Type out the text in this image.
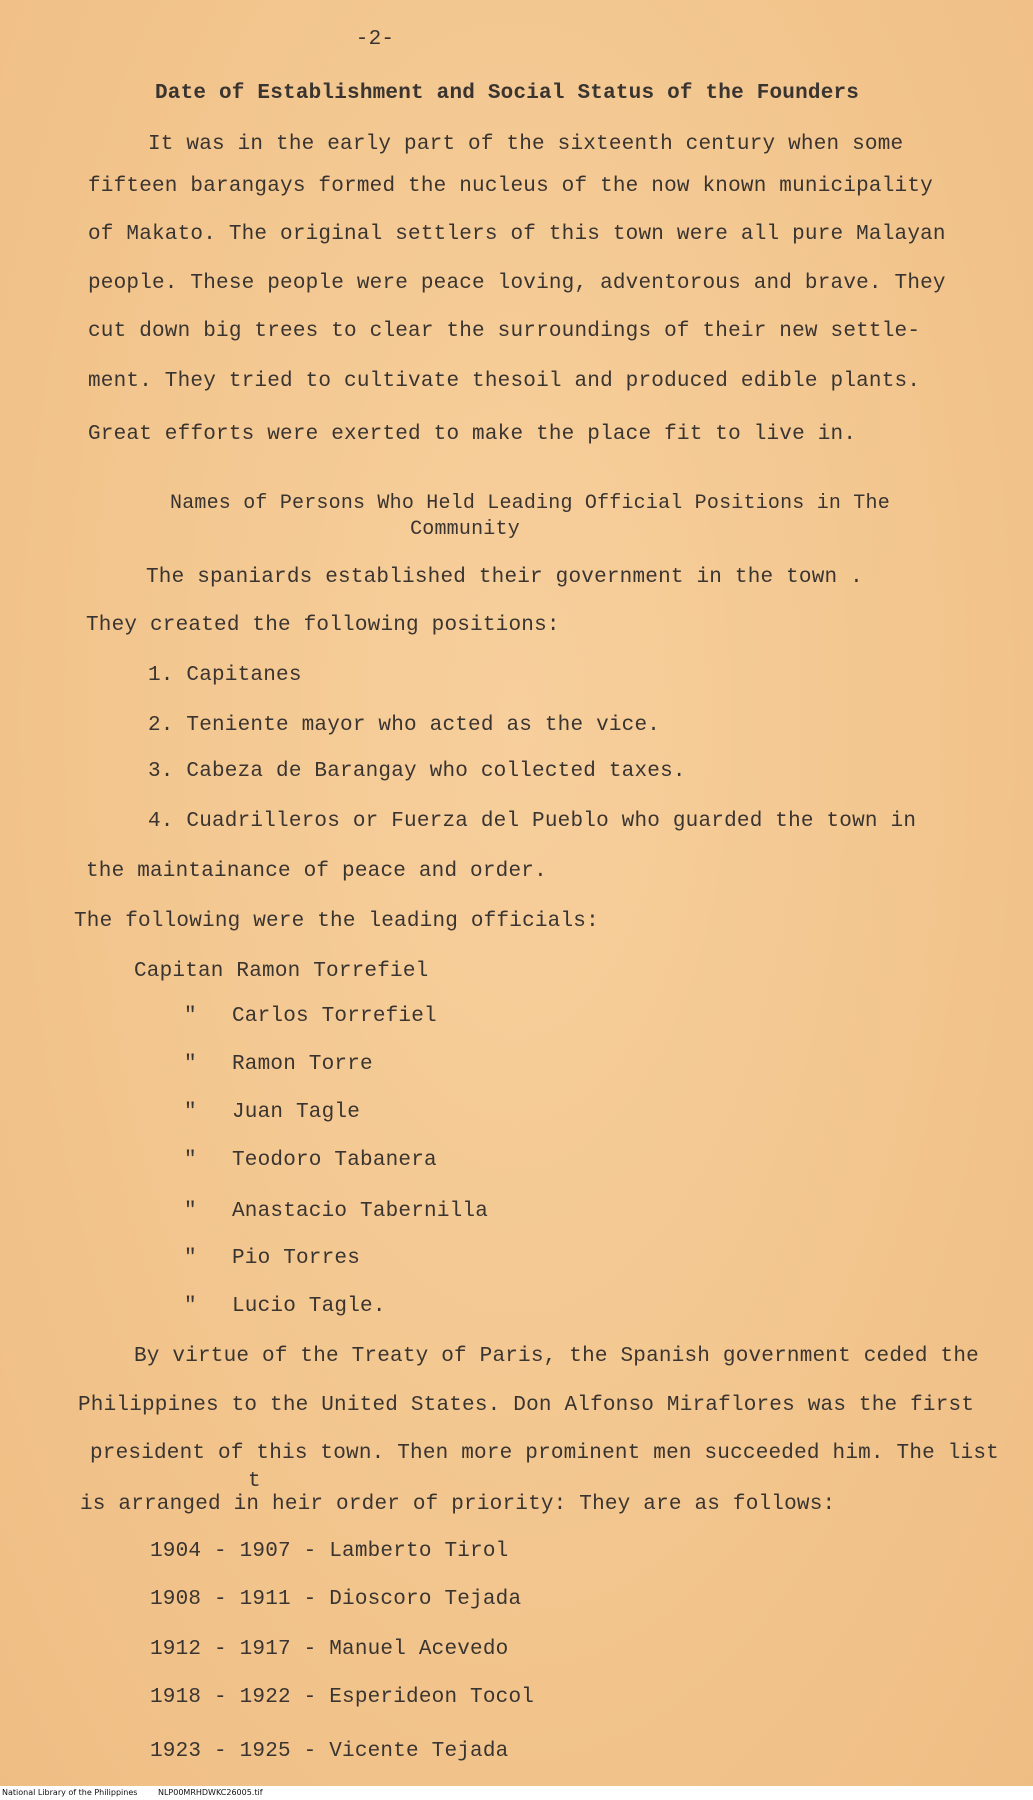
-2-
Date of Establishment and Social Status of the Founders
It was in the early part of the sixteenth century when some
fifteen barangays formed the nucleus of the now known municipality
of Makato. The original settlers of this town were all pure Malayan
people. These people were peace loving, adventorous and brave. They
cut down big trees to clear the surroundings of their new settle-
ment. They tried to cultivate thesoil and produced edible plants.
Great efforts were exerted to make the place fit to live in.
Names of Persons Who Held Leading Official Positions in The
Community
The spaniards established their government in the town .
They created the following positions:
1. Capitanes
2. Teniente mayor who acted as the vice.
3. Cabeza de Barangay who collected taxes.
4. Cuadrilleros or Fuerza del Pueblo who guarded the town in
the maintainance of peace and order.
The following were the leading officials:
Capitan Ramon Torrefiel
" Carlos Torrefiel
" Ramon Torre
" Juan Tagle
" Teodoro Tabanera
" Anastacio Tabernilla
" Pio Torres
" Lucio Tagle.
By virtue of the Treaty of Paris, the Spanish government ceded the
Philippines to the United States. Don Alfonso Miraflores was the first
president of this town. Then more prominent men succeeded him. The list
t
is arranged in heir order of priority: They are as follows:
1904 - 1907 - Lamberto Tirol
1908 - 1911 - Dioscoro Tejada
1912 - 1917 - Manuel Acevedo
1918 - 1922 - Esperideon Tocol
1923 - 1925 - Vicente Tejada
National Library of the Philippines	NLP00MRHDWKC26005.tif
